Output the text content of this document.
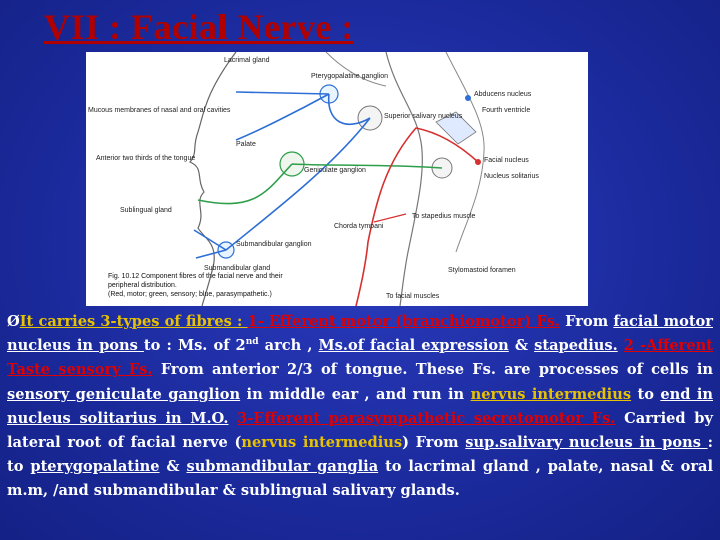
VII : Facial Nerve :
Lacrimal gland
Pterygopalatine ganglion
Mucous membranes of nasal and oral cavities
Palate
Superior salivary nucleus
Geniculate ganglion
Anterior two thirds of the tongue
Sublingual gland
Submandibular ganglion
Submandibular gland
Chorda tympani
To stapedius muscle
Stylomastoid foramen
To facial muscles
Abducens nucleus
Fourth ventricle
Facial nucleus
Nucleus solitarius
Fig. 10.12 Component fibres of the facial nerve and their
peripheral distribution.
(Red, motor; green, sensory; blue, parasympathetic.)
ØIt carries 3-types of fibres : 1- Efferent motor (branchiomotor) Fs. From facial motor nucleus in pons to : Ms. of 2nd arch , Ms.of facial expression & stapedius. 2 -Afferent Taste sensory Fs. From anterior 2/3 of tongue. These Fs. are processes of cells in sensory geniculate ganglion in middle ear , and run in nervus intermedius to end in nucleus solitarius in M.O. 3-Efferent parasympathetic secretomotor Fs. Carried by lateral root of facial nerve (nervus intermedius) From sup.salivary nucleus in pons : to pterygopalatine & submandibular ganglia to lacrimal gland , palate, nasal & oral m.m, /and submandibular & sublingual salivary glands.
